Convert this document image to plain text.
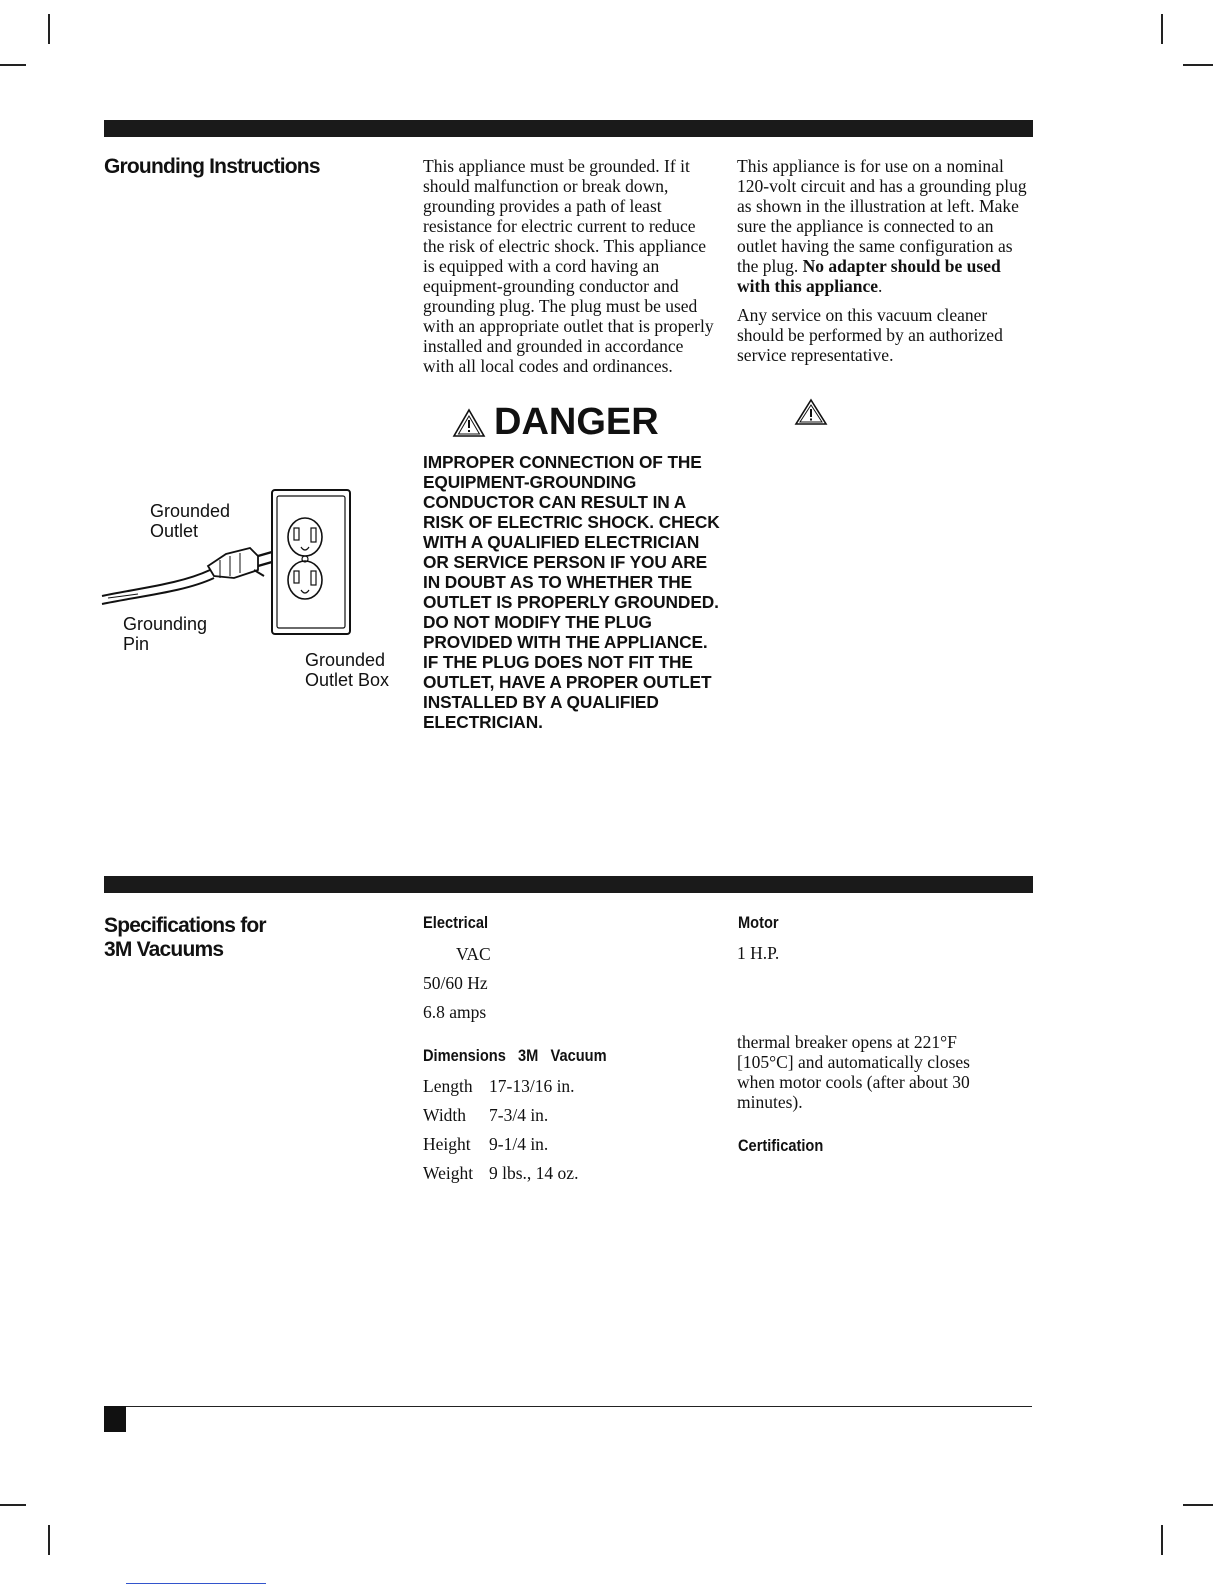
Grounding Instructions	This appliance must be grounded. If it should malfunction or break down, grounding provides a path of least resistance for electric current to reduce the risk of electric shock. This appliance is equipped with a cord having an equipment-grounding conductor and grounding plug. The plug must be used with an appropriate outlet that is properly installed and grounded in accordance with all local codes and ordinances.

This appliance is for use on a nominal 120-volt circuit and has a grounding plug as shown in the illustration at left. Make sure the appliance is connected to an outlet having the same configuration as the plug. No adapter should be used with this appliance.

Any service on this vacuum cleaner should be performed by an authorized service representative.

DANGER
IMPROPER CONNECTION OF THE EQUIPMENT-GROUNDING CONDUCTOR CAN RESULT IN A RISK OF ELECTRIC SHOCK. CHECK WITH A QUALIFIED ELECTRICIAN OR SERVICE PERSON IF YOU ARE IN DOUBT AS TO WHETHER THE OUTLET IS PROPERLY GROUNDED. DO NOT MODIFY THE PLUG PROVIDED WITH THE APPLIANCE. IF THE PLUG DOES NOT FIT THE OUTLET, HAVE A PROPER OUTLET INSTALLED BY A QUALIFIED ELECTRICIAN.
Grounded
Outlet
Grounding
Pin
Grounded
Outlet Box
Specifications for
3M Vacuums
Electrical
VAC
50/60 Hz
6.8 amps
Dimensions   3M   Vacuum
Length 17-13/16 in.
Width	7-3/4 in.
Height	9-1/4 in.
Weight 9 lbs., 14 oz.
Motor
1 H.P.
thermal breaker opens at 221°F [105°C] and automatically closes when motor cools (after about 30 minutes).
Certification
